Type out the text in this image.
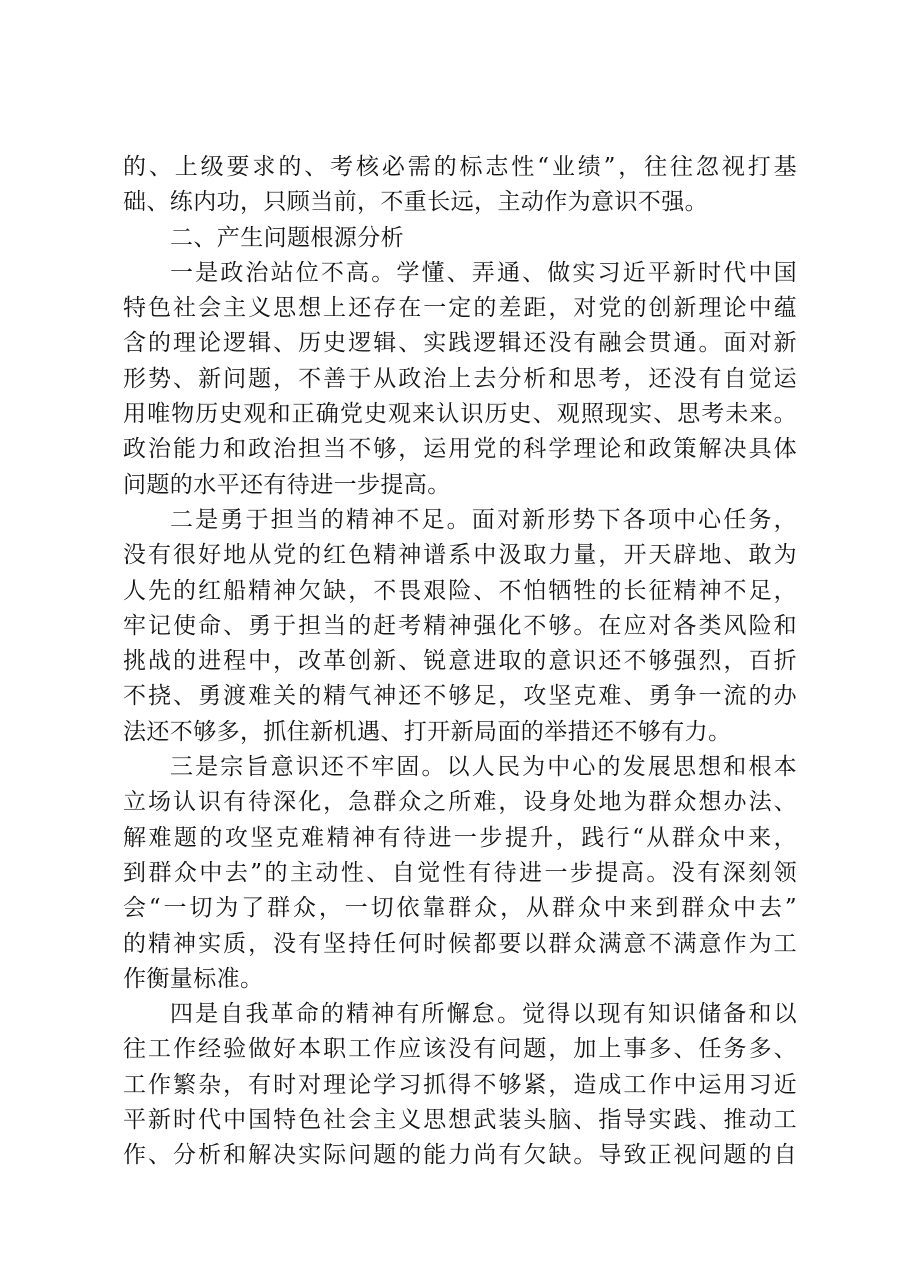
的、上级要求的、考核必需的标志性“业绩”，往往忽视打基
础、练内功，只顾当前，不重长远，主动作为意识不强。
二、产生问题根源分析
一是政治站位不高。学懂、弄通、做实习近平新时代中国
特色社会主义思想上还存在一定的差距，对党的创新理论中蕴
含的理论逻辑、历史逻辑、实践逻辑还没有融会贯通。面对新
形势、新问题，不善于从政治上去分析和思考，还没有自觉运
用唯物历史观和正确党史观来认识历史、观照现实、思考未来。
政治能力和政治担当不够，运用党的科学理论和政策解决具体
问题的水平还有待进一步提高。
二是勇于担当的精神不足。面对新形势下各项中心任务，
没有很好地从党的红色精神谱系中汲取力量，开天辟地、敢为
人先的红船精神欠缺，不畏艰险、不怕牺牲的长征精神不足，
牢记使命、勇于担当的赶考精神强化不够。在应对各类风险和
挑战的进程中，改革创新、锐意进取的意识还不够强烈，百折
不挠、勇渡难关的精气神还不够足，攻坚克难、勇争一流的办
法还不够多，抓住新机遇、打开新局面的举措还不够有力。
三是宗旨意识还不牢固。以人民为中心的发展思想和根本
立场认识有待深化，急群众之所难，设身处地为群众想办法、
解难题的攻坚克难精神有待进一步提升，践行“从群众中来，
到群众中去”的主动性、自觉性有待进一步提高。没有深刻领
会“一切为了群众，一切依靠群众，从群众中来到群众中去”
的精神实质，没有坚持任何时候都要以群众满意不满意作为工
作衡量标准。
四是自我革命的精神有所懈怠。觉得以现有知识储备和以
往工作经验做好本职工作应该没有问题，加上事多、任务多、
工作繁杂，有时对理论学习抓得不够紧，造成工作中运用习近
平新时代中国特色社会主义思想武装头脑、指导实践、推动工
作、分析和解决实际问题的能力尚有欠缺。导致正视问题的自
